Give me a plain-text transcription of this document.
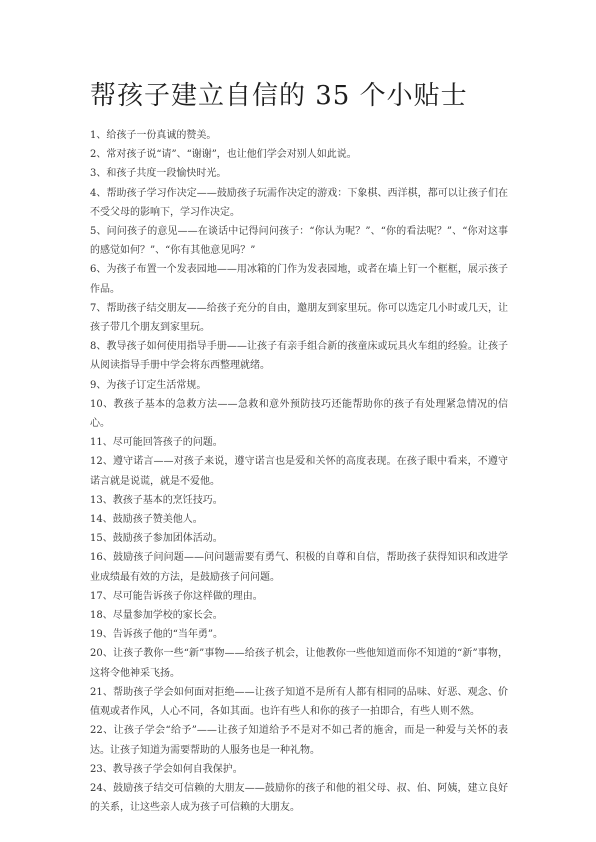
帮孩子建立自信的 35 个小贴士

1、给孩子一份真诚的赞美。

2、常对孩子说“请”、“谢谢”，也让他们学会对别人如此说。

3、和孩子共度一段愉快时光。

4、帮助孩子学习作决定——鼓励孩子玩需作决定的游戏：下象棋、西洋棋，都可以让孩子们在不受父母的影响下，学习作决定。

5、问问孩子的意见——在谈话中记得问问孩子：“你认为呢？”、“你的看法呢？”、“你对这事的感觉如何？”、“你有其他意见吗？”

6、为孩子布置一个发表园地——用冰箱的门作为发表园地，或者在墙上钉一个框框，展示孩子作品。

7、帮助孩子结交朋友——给孩子充分的自由，邀朋友到家里玩。你可以选定几小时或几天，让孩子带几个朋友到家里玩。

8、教导孩子如何使用指导手册——让孩子有亲手组合新的孩童床或玩具火车组的经验。让孩子从阅读指导手册中学会将东西整理就绪。

9、为孩子订定生活常规。

10、教孩子基本的急救方法——急救和意外预防技巧还能帮助你的孩子有处理紧急情况的信心。

11、尽可能回答孩子的问题。

12、遵守诺言——对孩子来说，遵守诺言也是爱和关怀的高度表现。在孩子眼中看来，不遵守诺言就是说谎，就是不爱他。

13、教孩子基本的烹饪技巧。

14、鼓励孩子赞美他人。

15、鼓励孩子参加团体活动。

16、鼓励孩子问问题——问问题需要有勇气、积极的自尊和自信，帮助孩子获得知识和改进学业成绩最有效的方法，是鼓励孩子问问题。

17、尽可能告诉孩子你这样做的理由。

18、尽量参加学校的家长会。

19、告诉孩子他的“当年勇”。

20、让孩子教你一些“新”事物——给孩子机会，让他教你一些他知道而你不知道的“新”事物，这将令他神采飞扬。

21、帮助孩子学会如何面对拒绝——让孩子知道不是所有人都有相同的品味、好恶、观念、价值观或者作风，人心不同，各如其面。也许有些人和你的孩子一拍即合，有些人则不然。

22、让孩子学会“给予”——让孩子知道给予不是对不如己者的施舍，而是一种爱与关怀的表达。让孩子知道为需要帮助的人服务也是一种礼物。

23、教导孩子学会如何自我保护。

24、鼓励孩子结交可信赖的大朋友——鼓励你的孩子和他的祖父母、叔、伯、阿姨，建立良好的关系，让这些亲人成为孩子可信赖的大朋友。
